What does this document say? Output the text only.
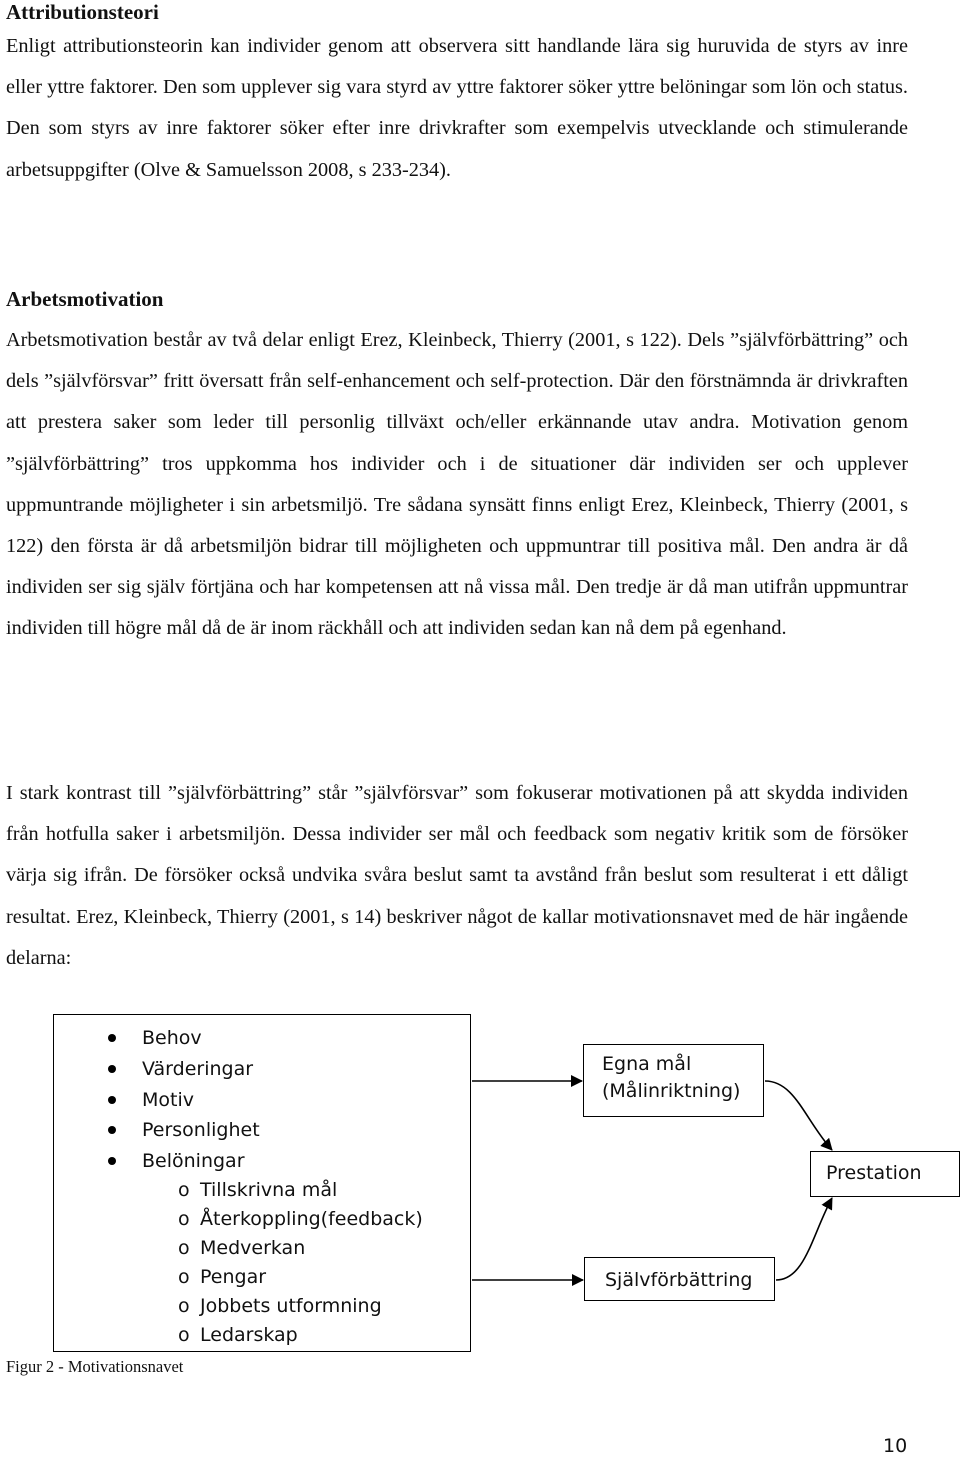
Attributionsteori

Enligt attributionsteorin kan individer genom att observera sitt handlande lära sig huruvida de styrs av inre eller yttre faktorer. Den som upplever sig vara styrd av yttre faktorer söker yttre belöningar som lön och status. Den som styrs av inre faktorer söker efter inre drivkrafter som exempelvis utvecklande och stimulerande arbetsuppgifter (Olve & Samuelsson 2008, s 233-234).

Arbetsmotivation

Arbetsmotivation består av två delar enligt Erez, Kleinbeck, Thierry (2001, s 122). Dels ”självförbättring” och dels ”självförsvar” fritt översatt från self-enhancement och self-protection. Där den förstnämnda är drivkraften att prestera saker som leder till personlig tillväxt och/eller erkännande utav andra. Motivation genom ”självförbättring” tros uppkomma hos individer och i de situationer där individen ser och upplever uppmuntrande möjligheter i sin arbetsmiljö. Tre sådana synsätt finns enligt Erez, Kleinbeck, Thierry (2001, s 122) den första är då arbetsmiljön bidrar till möjligheten och uppmuntrar till positiva mål. Den andra är då individen ser sig själv förtjäna och har kompetensen att nå vissa mål. Den tredje är då man utifrån uppmuntrar individen till högre mål då de är inom räckhåll och att individen sedan kan nå dem på egenhand.

I stark kontrast till ”självförbättring” står ”självförsvar” som fokuserar motivationen på att skydda individen från hotfulla saker i arbetsmiljön. Dessa individer ser mål och feedback som negativ kritik som de försöker värja sig ifrån. De försöker också undvika svåra beslut samt ta avstånd från beslut som resulterat i ett dåligt resultat. Erez, Kleinbeck, Thierry (2001, s 14) beskriver något de kallar motivationsnavet med de här ingående delarna:

Behov
Värderingar
Motiv
Personlighet
Belöningar
o Tillskrivna mål
o Återkoppling(feedback)
o Medverkan
o Pengar
o Jobbets utformning
o Ledarskap
Egna mål
(Målinriktning)
Prestation
Självförbättring
Figur 2 - Motivationsnavet
10
